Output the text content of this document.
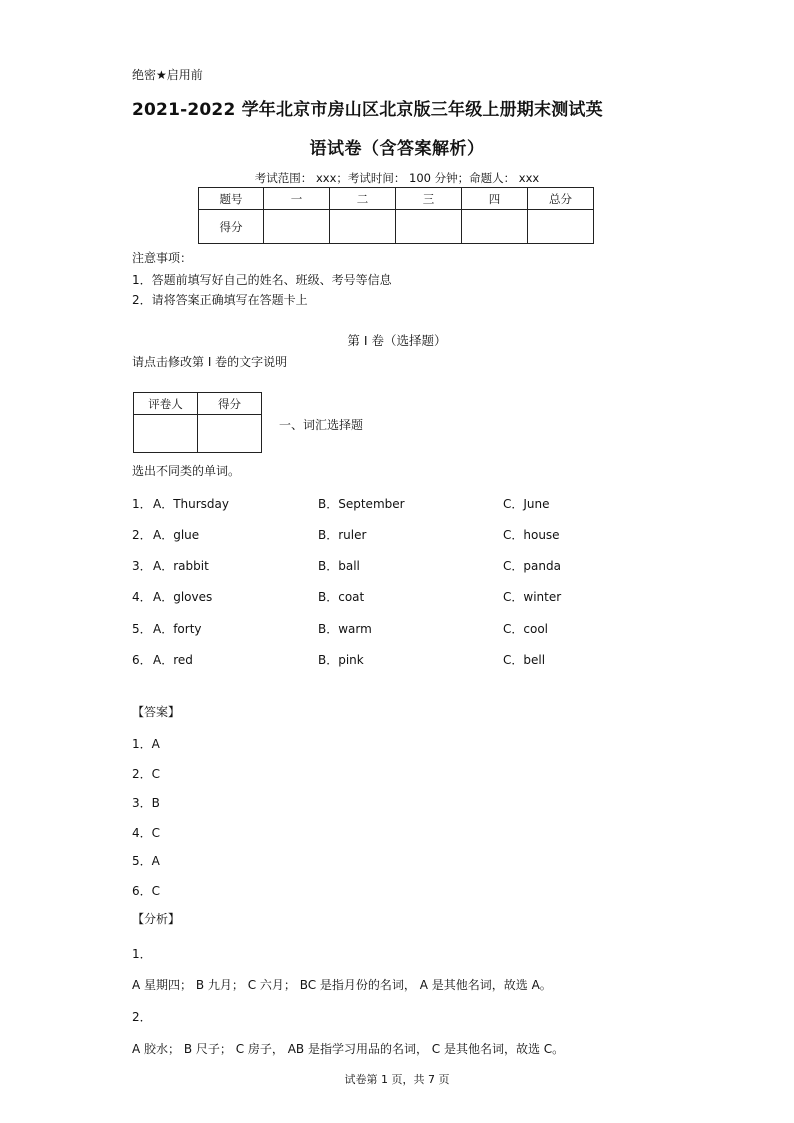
绝密★启用前
2021-2022 学年北京市房山区北京版三年级上册期末测试英
语试卷（含答案解析）
考试范围： xxx；考试时间： 100 分钟；命题人： xxx
题号	一	二	三	四	总分
得分					
注意事项：
1．答题前填写好自己的姓名、班级、考号等信息
2．请将答案正确填写在答题卡上
第 I 卷（选择题）
请点击修改第 I 卷的文字说明
评卷人	得分

一、词汇选择题
选出不同类的单词。
1． A．Thursday	B．September	C．June
2． A．glue	B．ruler	C．house
3． A．rabbit	B．ball	C．panda
4． A．gloves	B．coat	C．winter
5． A．forty	B．warm	C．cool
6． A．red	B．pink	C．bell
【答案】
1．A
2．C
3．B
4．C
5．A
6．C
【分析】
1．
A 星期四； B 九月； C 六月； BC 是指月份的名词， A 是其他名词，故选 A。
2．
A 胶水； B 尺子； C 房子， AB 是指学习用品的名词， C 是其他名词，故选 C。
试卷第 1 页，共 7 页
